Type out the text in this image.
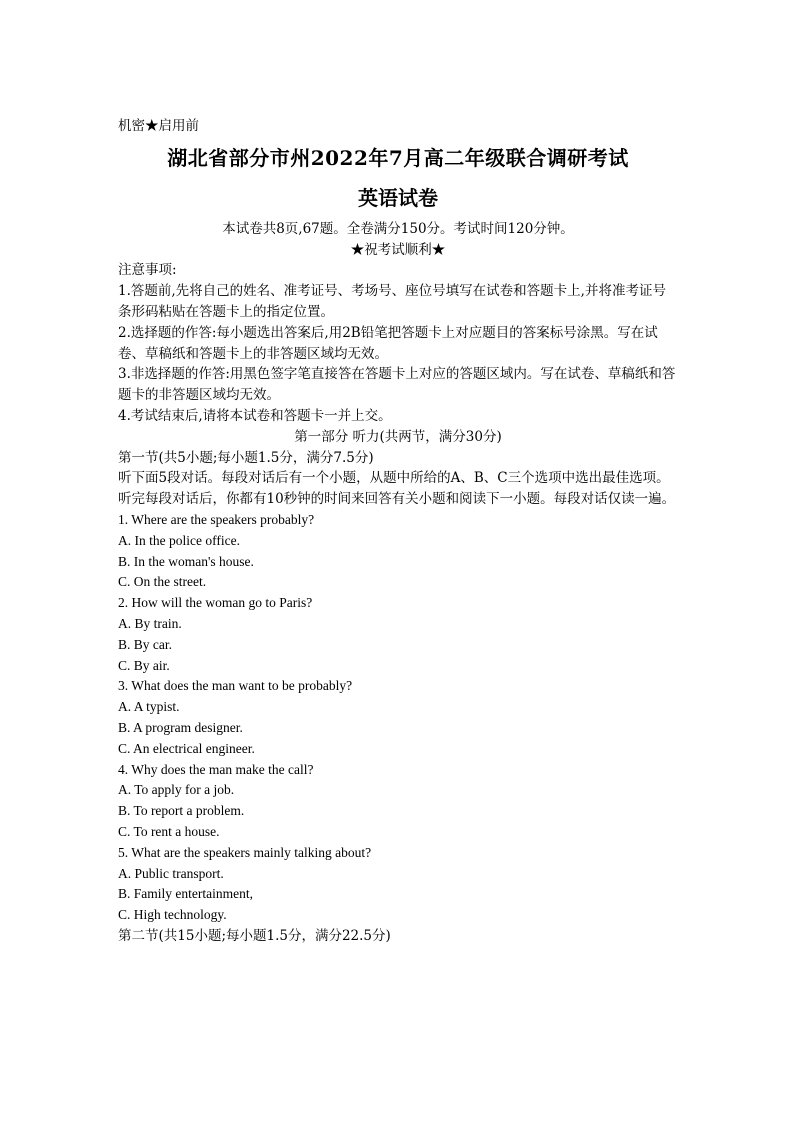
机密★启用前
湖北省部分市州2022年7月高二年级联合调研考试
英语试卷
本试卷共8页,67题。全卷满分150分。考试时间120分钟。
★祝考试顺利★
注意事项:
1.答题前,先将自己的姓名、准考证号、考场号、座位号填写在试卷和答题卡上,并将准考证号条形码粘贴在答题卡上的指定位置。
2.选择题的作答:每小题选出答案后,用2B铅笔把答题卡上对应题目的答案标号涂黑。写在试卷、草稿纸和答题卡上的非答题区域均无效。
3.非选择题的作答:用黑色签字笔直接答在答题卡上对应的答题区域内。写在试卷、草稿纸和答题卡的非答题区域均无效。
4.考试结束后,请将本试卷和答题卡一并上交。
第一部分 听力(共两节，满分30分)
第一节(共5小题;每小题1.5分，满分7.5分)
听下面5段对话。每段对话后有一个小题，从题中所给的A、B、C三个选项中选出最佳选项。听完每段对话后，你都有10秒钟的时间来回答有关小题和阅读下一小题。每段对话仅读一遍。
1. Where are the speakers probably?
A. In the police office.
B. In the woman's house.
C. On the street.
2. How will the woman go to Paris?
A. By train.
B. By car.
C. By air.
3. What does the man want to be probably?
A. A typist.
B. A program designer.
C. An electrical engineer.
4. Why does the man make the call?
A. To apply for a job.
B. To report a problem.
C. To rent a house.
5. What are the speakers mainly talking about?
A. Public transport.
B. Family entertainment,
C. High technology.
第二节(共15小题;每小题1.5分，满分22.5分)
